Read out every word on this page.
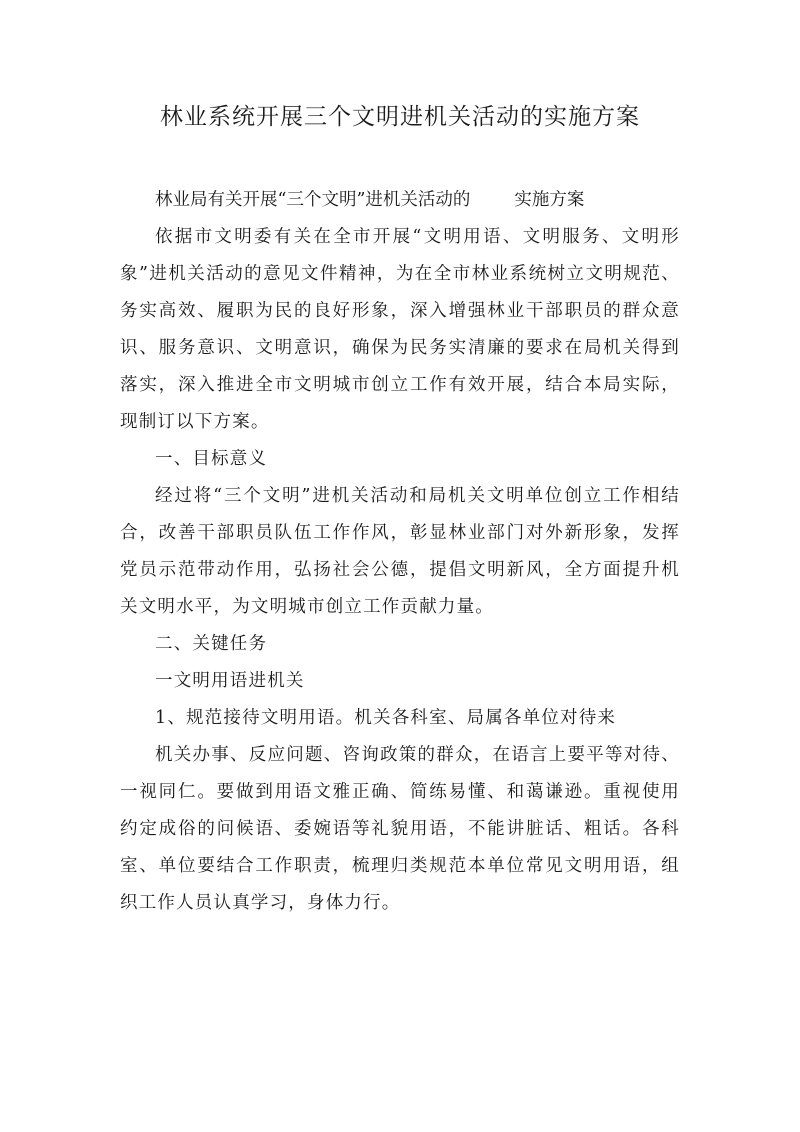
林业系统开展三个文明进机关活动的实施方案
林业局有关开展“三个文明”进机关活动的	实施方案

依据市文明委有关在全市开展“文明用语、文明服务、文明形象”进机关活动的意见文件精神，为在全市林业系统树立文明规范、务实高效、履职为民的良好形象，深入增强林业干部职员的群众意识、服务意识、文明意识，确保为民务实清廉的要求在局机关得到落实，深入推进全市文明城市创立工作有效开展，结合本局实际，现制订以下方案。

一、目标意义

经过将“三个文明”进机关活动和局机关文明单位创立工作相结合，改善干部职员队伍工作作风，彰显林业部门对外新形象，发挥党员示范带动作用，弘扬社会公德，提倡文明新风，全方面提升机关文明水平，为文明城市创立工作贡献力量。

二、关键任务

一文明用语进机关

1、规范接待文明用语。机关各科室、局属各单位对待来

机关办事、反应问题、咨询政策的群众，在语言上要平等对待、一视同仁。要做到用语文雅正确、简练易懂、和蔼谦逊。重视使用约定成俗的问候语、委婉语等礼貌用语，不能讲脏话、粗话。各科室、单位要结合工作职责，梳理归类规范本单位常见文明用语，组织工作人员认真学习，身体力行。
